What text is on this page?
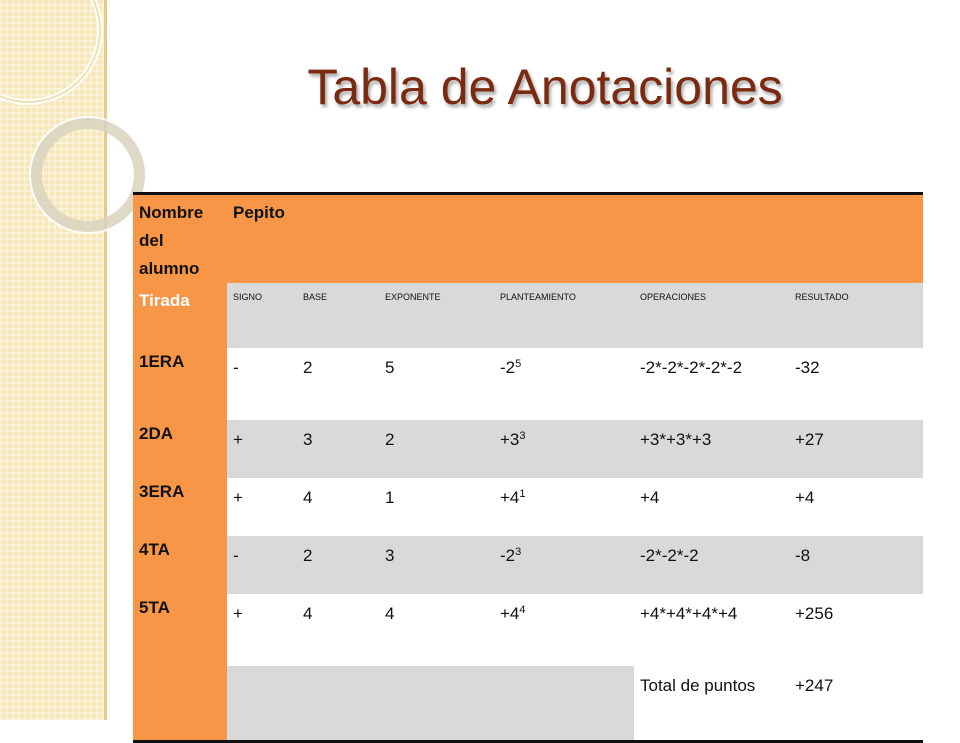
Tabla de Anotaciones
Nombre del alumno	Pepito					
Tirada	SIGNO	BASE	EXPONENTE	PLANTEAMIENTO	OPERACIONES	RESULTADO
1ERA	-	2	5	$-2^5$	-2*-2*-2*-2*-2	-32
2DA	+	3	2	$+3^3$	+3*+3*+3	+27
3ERA	+	4	1	$+4^1$	+4	+4
4TA	-	2	3	$-2^3$	-2*-2*-2	-8
5TA	+	4	4	$+4^4$	+4*+4*+4*+4	+256
					Total de puntos	+247
